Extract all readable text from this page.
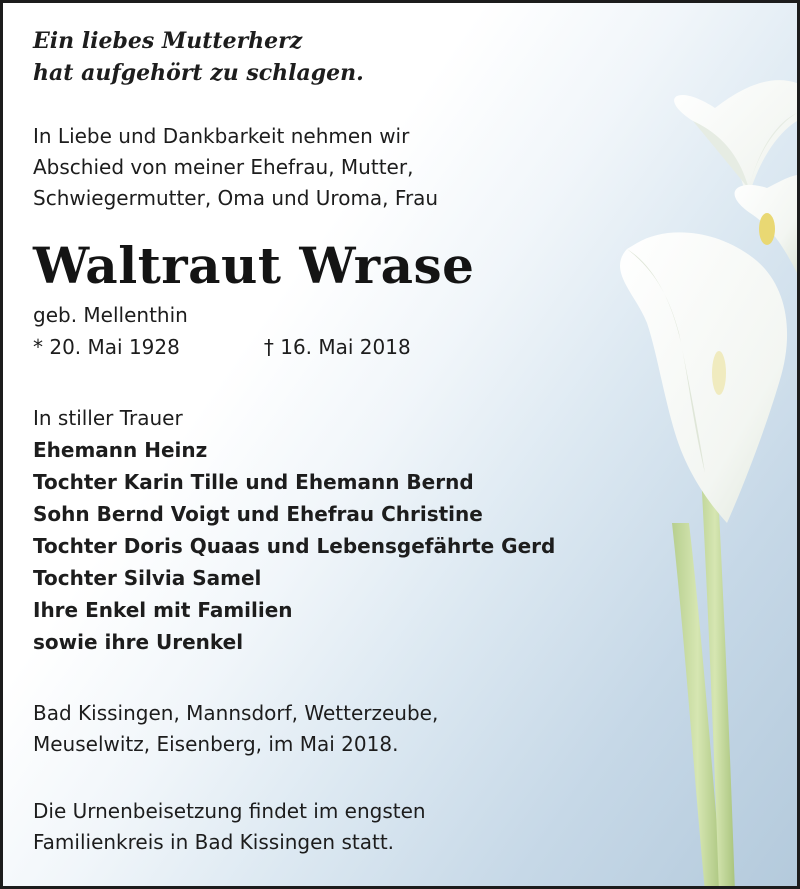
Ein liebes Mutterherz
hat aufgehört zu schlagen.

In Liebe und Dankbarkeit nehmen wir
Abschied von meiner Ehefrau, Mutter,
Schwiegermutter, Oma und Uroma, Frau

Waltraut Wrase

geb. Mellenthin

* 20. Mai 1928	† 16. Mai 2018

In stiller Trauer

Ehemann Heinz
Tochter Karin Tille und Ehemann Bernd
Sohn Bernd Voigt und Ehefrau Christine
Tochter Doris Quaas und Lebensgefährte Gerd
Tochter Silvia Samel
Ihre Enkel mit Familien
sowie ihre Urenkel

Bad Kissingen, Mannsdorf, Wetterzeube,
Meuselwitz, Eisenberg, im Mai 2018.

Die Urnenbeisetzung findet im engsten
Familienkreis in Bad Kissingen statt.
